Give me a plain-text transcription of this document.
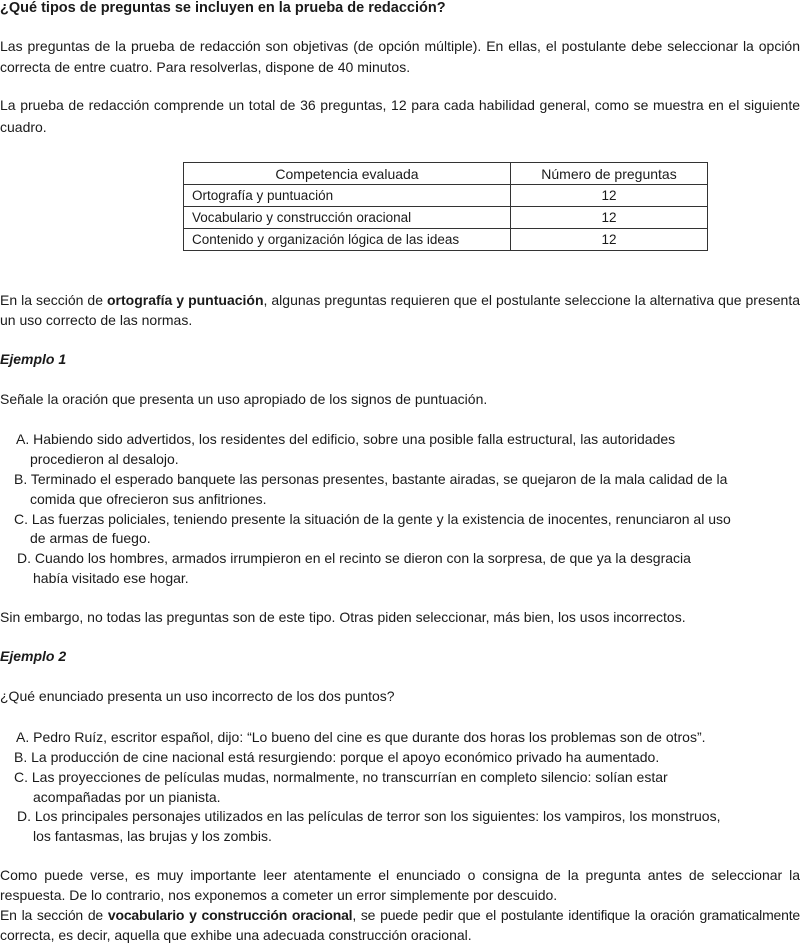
¿Qué tipos de preguntas se incluyen en la prueba de redacción?
Las preguntas de la prueba de redacción son objetivas (de opción múltiple). En ellas, el postulante debe seleccionar la opción
correcta de entre cuatro. Para resolverlas, dispone de 40 minutos.
La prueba de redacción comprende un total de 36 preguntas, 12 para cada habilidad general, como se muestra en el siguiente
cuadro.
Competencia evaluada	Número de preguntas
Ortografía y puntuación	12
Vocabulario y construcción oracional	12
Contenido y organización lógica de las ideas	12
En la sección de ortografía y puntuación, algunas preguntas requieren que el postulante seleccione la alternativa que presenta
un uso correcto de las normas.
Ejemplo 1
Señale la oración que presenta un uso apropiado de los signos de puntuación.
A. Habiendo sido advertidos, los residentes del edificio, sobre una posible falla estructural, las autoridades
procedieron al desalojo.
B. Terminado el esperado banquete las personas presentes, bastante airadas, se quejaron de la mala calidad de la
comida que ofrecieron sus anfitriones.
C. Las fuerzas policiales, teniendo presente la situación de la gente y la existencia de inocentes, renunciaron al uso
de armas de fuego.
D. Cuando los hombres, armados irrumpieron en el recinto se dieron con la sorpresa, de que ya la desgracia
había visitado ese hogar.
Sin embargo, no todas las preguntas son de este tipo. Otras piden seleccionar, más bien, los usos incorrectos.
Ejemplo 2
¿Qué enunciado presenta un uso incorrecto de los dos puntos?
A. Pedro Ruíz, escritor español, dijo: “Lo bueno del cine es que durante dos horas los problemas son de otros”.
B. La producción de cine nacional está resurgiendo: porque el apoyo económico privado ha aumentado.
C. Las proyecciones de películas mudas, normalmente, no transcurrían en completo silencio: solían estar
acompañadas por un pianista.
D. Los principales personajes utilizados en las películas de terror son los siguientes: los vampiros, los monstruos,
los fantasmas, las brujas y los zombis.
Como puede verse, es muy importante leer atentamente el enunciado o consigna de la pregunta antes de seleccionar la
respuesta. De lo contrario, nos exponemos a cometer un error simplemente por descuido.
En la sección de vocabulario y construcción oracional, se puede pedir que el postulante identifique la oración gramaticalmente
correcta, es decir, aquella que exhibe una adecuada construcción oracional.
